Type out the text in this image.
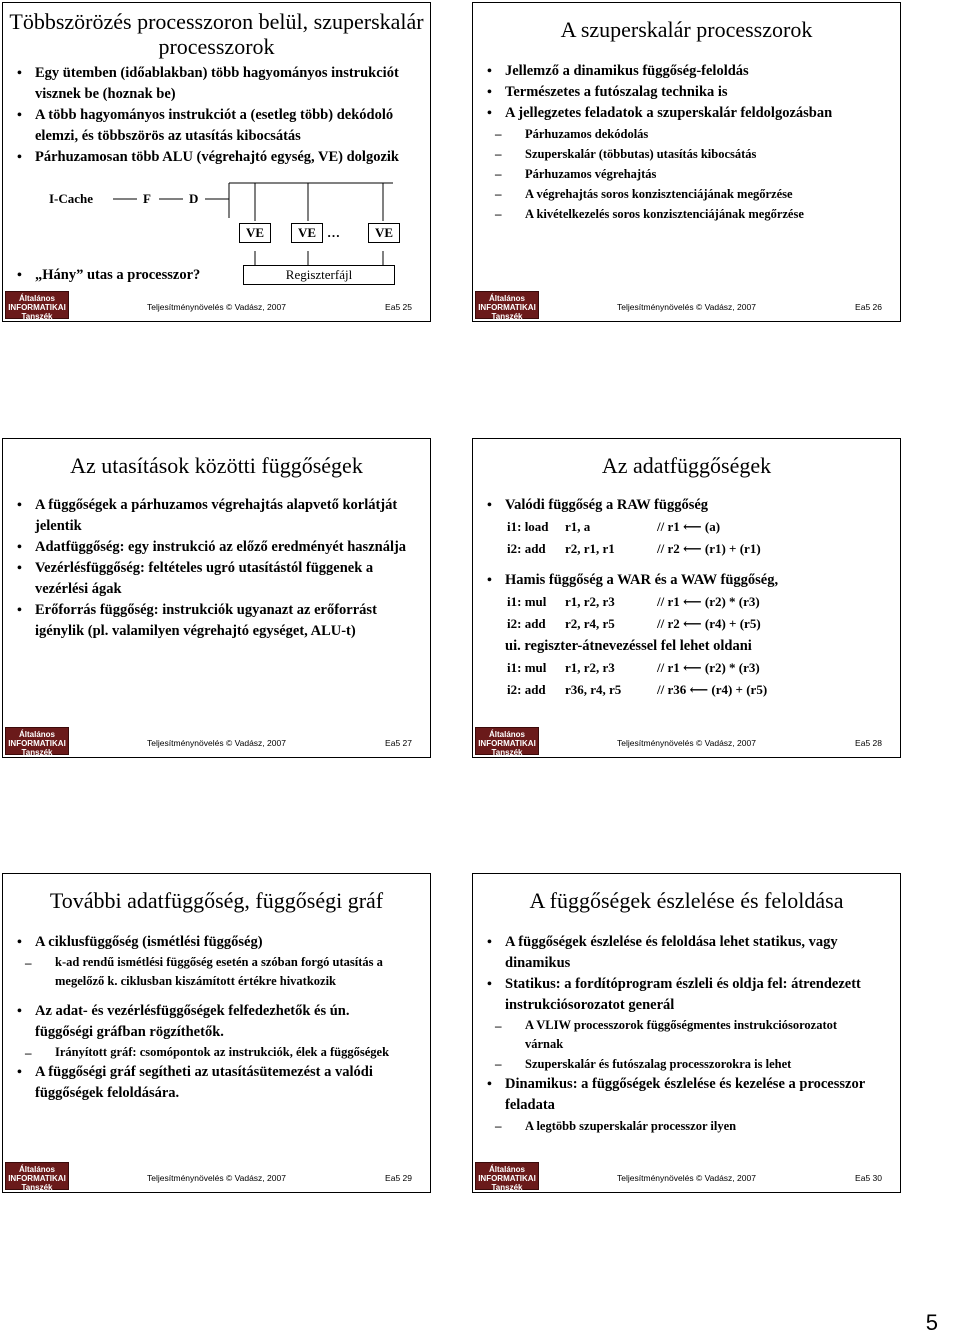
Többszörözés processzoron belül, szuperskalár processzorok
• Egy ütemben (időablakban) több hagyományos instrukciót visznek be (hoznak be)
• A több hagyományos instrukciót a (esetleg több) dekódoló elemzi, és többszörös az utasítás kibocsátás
• Párhuzamosan több ALU (végrehajtó egység, VE) dolgozik
I-Cache	F	D
VE	VE …	VE
Regiszterfájl
• „Hány” utas a processzor?
Általános
INFORMATIKAI
Tanszék
Teljesítménynövelés © Vadász, 2007	Ea5 25
A szuperskalár processzorok
• Jellemző a dinamikus függőség-feloldás
• Természetes a futószalag technika is
• A jellegzetes feladatok a szuperskalár feldolgozásban
– Párhuzamos dekódolás
– Szuperskalár (többutas) utasítás kibocsátás
– Párhuzamos végrehajtás
– A végrehajtás soros konzisztenciájának megőrzése
– A kivételkezelés soros konzisztenciájának megőrzése
Általános
INFORMATIKAI
Tanszék
Teljesítménynövelés © Vadász, 2007	Ea5 26
Az utasítások közötti függőségek
• A függőségek a párhuzamos végrehajtás alapvető korlátját jelentik
• Adatfüggőség: egy instrukció az előző eredményét használja
• Vezérlésfüggőség: feltételes ugró utasítástól függenek a vezérlési ágak
• Erőforrás függőség: instrukciók ugyanazt az erőforrást igénylik (pl. valamilyen végrehajtó egységet, ALU-t)
Általános
INFORMATIKAI
Tanszék
Teljesítménynövelés © Vadász, 2007	Ea5 27
Az adatfüggőségek
• Valódi függőség a RAW függőség
i1: load r1, a	// r1 ⟵ (a)
i2: add r2, r1, r1	// r2 ⟵ (r1) + (r1)
• Hamis függőség a WAR és a WAW függőség,
i1: mul r1, r2, r3	// r1 ⟵ (r2) * (r3)
i2: add r2, r4, r5	// r2 ⟵ (r4) + (r5)
ui. regiszter-átnevezéssel fel lehet oldani
i1: mul r1, r2, r3	// r1 ⟵ (r2) * (r3)
i2: add r36, r4, r5	// r36 ⟵ (r4) + (r5)
Általános
INFORMATIKAI
Tanszék
Teljesítménynövelés © Vadász, 2007	Ea5 28
További adatfüggőség, függőségi gráf
• A ciklusfüggőség (ismétlési függőség)
– k-ad rendű ismétlési függőség esetén a szóban forgó utasítás a megelőző k. ciklusban kiszámított értékre hivatkozik
• Az adat- és vezérlésfüggőségek felfedezhetők és ún. függőségi gráfban rögzíthetők.
– Irányított gráf: csomópontok az instrukciók, élek a függőségek
• A függőségi gráf segítheti az utasításütemezést a valódi függőségek feloldására.
Általános
INFORMATIKAI
Tanszék
Teljesítménynövelés © Vadász, 2007	Ea5 29
A függőségek észlelése és feloldása
• A függőségek észlelése és feloldása lehet statikus, vagy dinamikus
• Statikus: a fordítóprogram észleli és oldja fel: átrendezett instrukciósorozatot generál
– A VLIW processzorok függőségmentes instrukciósorozatot várnak
– Szuperskalár és futószalag processzorokra is lehet
• Dinamikus: a függőségek észlelése és kezelése a processzor feladata
– A legtöbb szuperskalár processzor ilyen
Általános
INFORMATIKAI
Tanszék
Teljesítménynövelés © Vadász, 2007	Ea5 30
5
